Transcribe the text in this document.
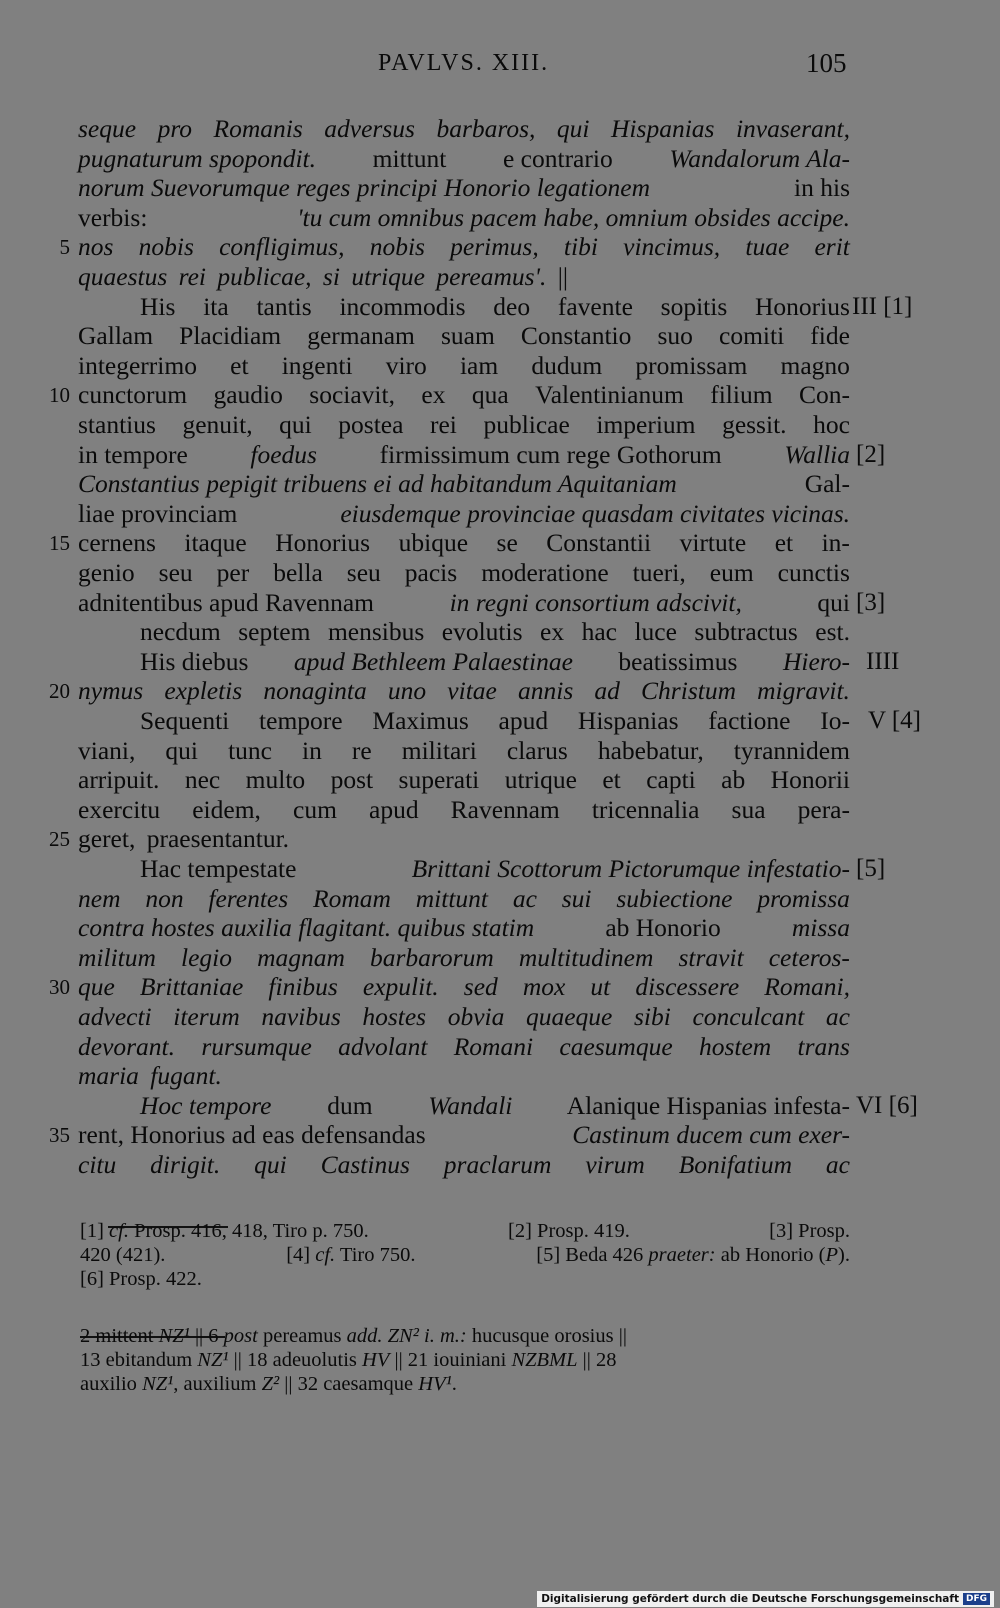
PAVLVS. XIII.	105
seque pro Romanis adversus barbaros, qui Hispanias invaserant,
pugnaturum spopondit. mittunt e contrario Wandalorum Ala-
norum Suevorumque reges principi Honorio legationem	in his
verbis:	'tu cum omnibus pacem habe, omnium obsides accipe.
nos nobis confligimus, nobis perimus, tibi vincimus, tuae erit
quaestus rei publicae, si utrique pereamus'. ||
His ita tantis incommodis deo favente sopitis Honorius
Gallam Placidiam germanam suam Constantio suo comiti fide
integerrimo et ingenti viro iam dudum promissam magno
cunctorum gaudio sociavit, ex qua Valentinianum filium Con-
stantius genuit, qui postea rei publicae imperium gessit. hoc
in tempore foedus firmissimum cum rege Gothorum Wallia
Constantius pepigit tribuens ei ad habitandum Aquitaniam	Gal-
liae provinciam	eiusdemque provinciae quasdam civitates vicinas.
cernens itaque Honorius ubique se Constantii virtute et in-
genio seu per bella seu pacis moderatione tueri, eum cunctis
adnitentibus apud Ravennam	in regni consortium adscivit,	qui
necdum septem mensibus evolutis ex hac luce subtractus est.
His diebus apud Bethleem Palaestinae beatissimus Hiero-
nymus expletis nonaginta uno vitae annis ad Christum migravit.
Sequenti tempore Maximus apud Hispanias factione Io-
viani, qui tunc in re militari clarus habebatur, tyrannidem
arripuit. nec multo post superati utrique et capti ab Honorii
exercitu eidem, cum apud Ravennam tricennalia sua pera-
geret, praesentantur.
Hac tempestate	Brittani Scottorum Pictorumque infestatio-
nem non ferentes Romam mittunt ac sui subiectione promissa
contra hostes auxilia flagitant. quibus statim	ab Honorio	missa
militum legio magnam barbarorum multitudinem stravit ceteros-
que Brittaniae finibus expulit. sed mox ut discessere Romani,
advecti iterum navibus hostes obvia quaeque sibi conculcant ac
devorant. rursumque advolant Romani caesumque hostem trans
maria fugant.
Hoc tempore dum Wandali Alanique Hispanias infesta-
rent, Honorius ad eas defensandas	Castinum ducem cum exer-
citu dirigit. qui Castinus praclarum virum Bonifatium ac
5
10
15
20
25
30
35
III [1]
[2]
[3]
IIII
V [4]
[5]
VI [6]
[1] cf. Prosp. 416, 418, Tiro p. 750.	[2] Prosp. 419.	[3] Prosp.
420 (421).	[4] cf. Tiro 750.	[5] Beda 426 praeter: ab Honorio (P).
[6] Prosp. 422.
2 mittent NZ¹ || 6 post pereamus add. ZN² i. m.: hucusque orosius ||
13 ebitandum NZ¹ || 18 adeuolutis HV || 21 iouiniani NZBML || 28
auxilio NZ¹, auxilium Z² || 32 caesamque HV¹.
Digitalisierung gefördert durch die Deutsche Forschungsgemeinschaft DFG
